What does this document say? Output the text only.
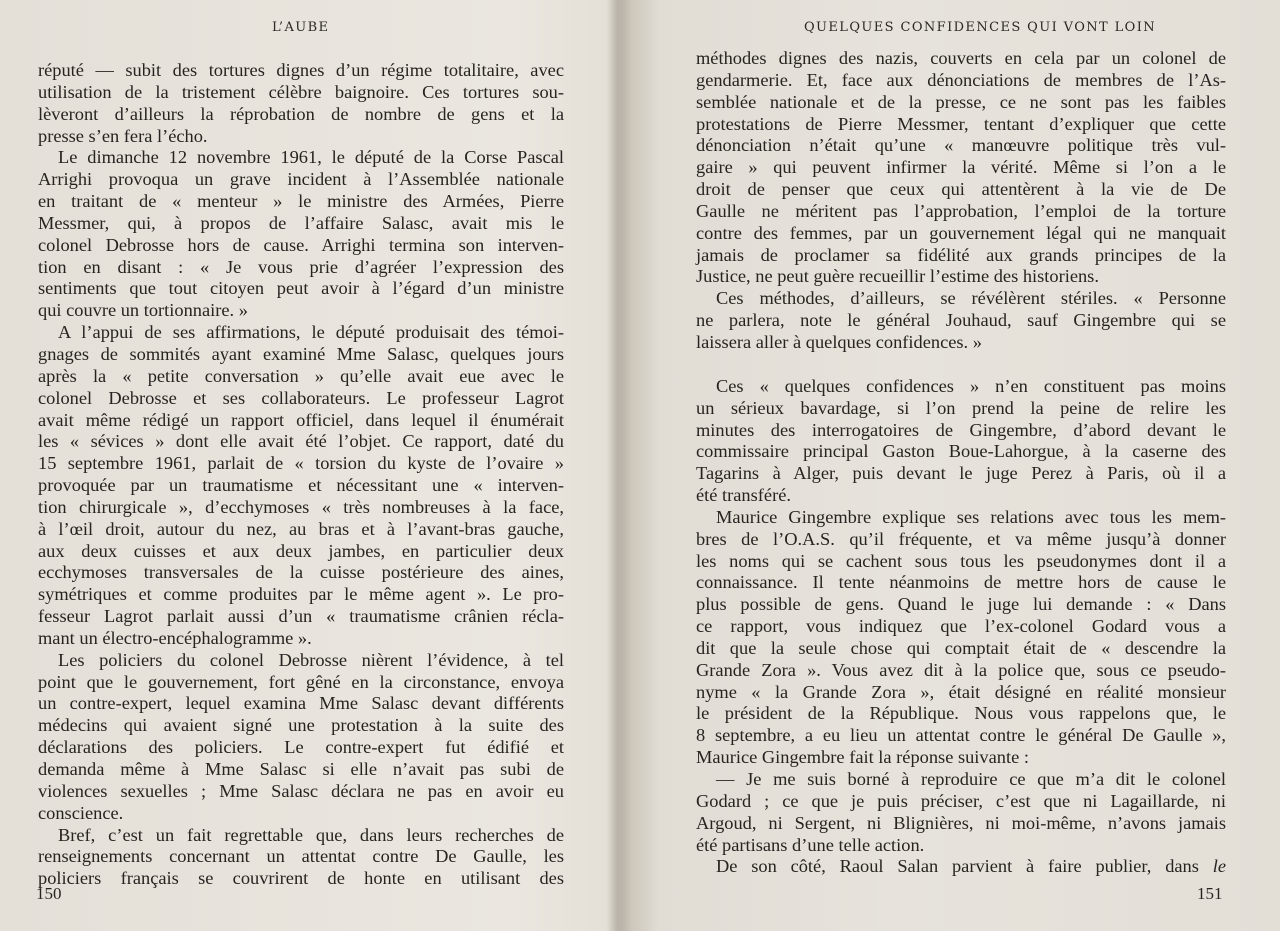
L’AUBE

réputé — subit des tortures dignes d’un régime totalitaire, avec
utilisation de la tristement célèbre baignoire. Ces tortures sou-
lèveront d’ailleurs la réprobation de nombre de gens et la
presse s’en fera l’écho.
Le dimanche 12 novembre 1961, le député de la Corse Pascal
Arrighi provoqua un grave incident à l’Assemblée nationale
en traitant de « menteur » le ministre des Armées, Pierre
Messmer, qui, à propos de l’affaire Salasc, avait mis le
colonel Debrosse hors de cause. Arrighi termina son interven-
tion en disant : « Je vous prie d’agréer l’expression des
sentiments que tout citoyen peut avoir à l’égard d’un ministre
qui couvre un tortionnaire. »
A l’appui de ses affirmations, le député produisait des témoi-
gnages de sommités ayant examiné Mme Salasc, quelques jours
après la « petite conversation » qu’elle avait eue avec le
colonel Debrosse et ses collaborateurs. Le professeur Lagrot
avait même rédigé un rapport officiel, dans lequel il énumérait
les « sévices » dont elle avait été l’objet. Ce rapport, daté du
15 septembre 1961, parlait de « torsion du kyste de l’ovaire »
provoquée par un traumatisme et nécessitant une « interven-
tion chirurgicale », d’ecchymoses « très nombreuses à la face,
à l’œil droit, autour du nez, au bras et à l’avant-bras gauche,
aux deux cuisses et aux deux jambes, en particulier deux
ecchymoses transversales de la cuisse postérieure des aines,
symétriques et comme produites par le même agent ». Le pro-
fesseur Lagrot parlait aussi d’un « traumatisme crânien récla-
mant un électro-encéphalogramme ».
Les policiers du colonel Debrosse nièrent l’évidence, à tel
point que le gouvernement, fort gêné en la circonstance, envoya
un contre-expert, lequel examina Mme Salasc devant différents
médecins qui avaient signé une protestation à la suite des
déclarations des policiers. Le contre-expert fut édifié et
demanda même à Mme Salasc si elle n’avait pas subi de
violences sexuelles ; Mme Salasc déclara ne pas en avoir eu
conscience.
Bref, c’est un fait regrettable que, dans leurs recherches de
renseignements concernant un attentat contre De Gaulle, les
policiers français se couvrirent de honte en utilisant des

150

QUELQUES CONFIDENCES QUI VONT LOIN

méthodes dignes des nazis, couverts en cela par un colonel de
gendarmerie. Et, face aux dénonciations de membres de l’As-
semblée nationale et de la presse, ce ne sont pas les faibles
protestations de Pierre Messmer, tentant d’expliquer que cette
dénonciation n’était qu’une « manœuvre politique très vul-
gaire » qui peuvent infirmer la vérité. Même si l’on a le
droit de penser que ceux qui attentèrent à la vie de De
Gaulle ne méritent pas l’approbation, l’emploi de la torture
contre des femmes, par un gouvernement légal qui ne manquait
jamais de proclamer sa fidélité aux grands principes de la
Justice, ne peut guère recueillir l’estime des historiens.
Ces méthodes, d’ailleurs, se révélèrent stériles. « Personne
ne parlera, note le général Jouhaud, sauf Gingembre qui se
laissera aller à quelques confidences. »
Ces « quelques confidences » n’en constituent pas moins
un sérieux bavardage, si l’on prend la peine de relire les
minutes des interrogatoires de Gingembre, d’abord devant le
commissaire principal Gaston Boue-Lahorgue, à la caserne des
Tagarins à Alger, puis devant le juge Perez à Paris, où il a
été transféré.
Maurice Gingembre explique ses relations avec tous les mem-
bres de l’O.A.S. qu’il fréquente, et va même jusqu’à donner
les noms qui se cachent sous tous les pseudonymes dont il a
connaissance. Il tente néanmoins de mettre hors de cause le
plus possible de gens. Quand le juge lui demande : « Dans
ce rapport, vous indiquez que l’ex-colonel Godard vous a
dit que la seule chose qui comptait était de « descendre la
Grande Zora ». Vous avez dit à la police que, sous ce pseudo-
nyme « la Grande Zora », était désigné en réalité monsieur
le président de la République. Nous vous rappelons que, le
8 septembre, a eu lieu un attentat contre le général De Gaulle »,
Maurice Gingembre fait la réponse suivante :
— Je me suis borné à reproduire ce que m’a dit le colonel
Godard ; ce que je puis préciser, c’est que ni Lagaillarde, ni
Argoud, ni Sergent, ni Blignières, ni moi-même, n’avons jamais
été partisans d’une telle action.
De son côté, Raoul Salan parvient à faire publier, dans le

151
